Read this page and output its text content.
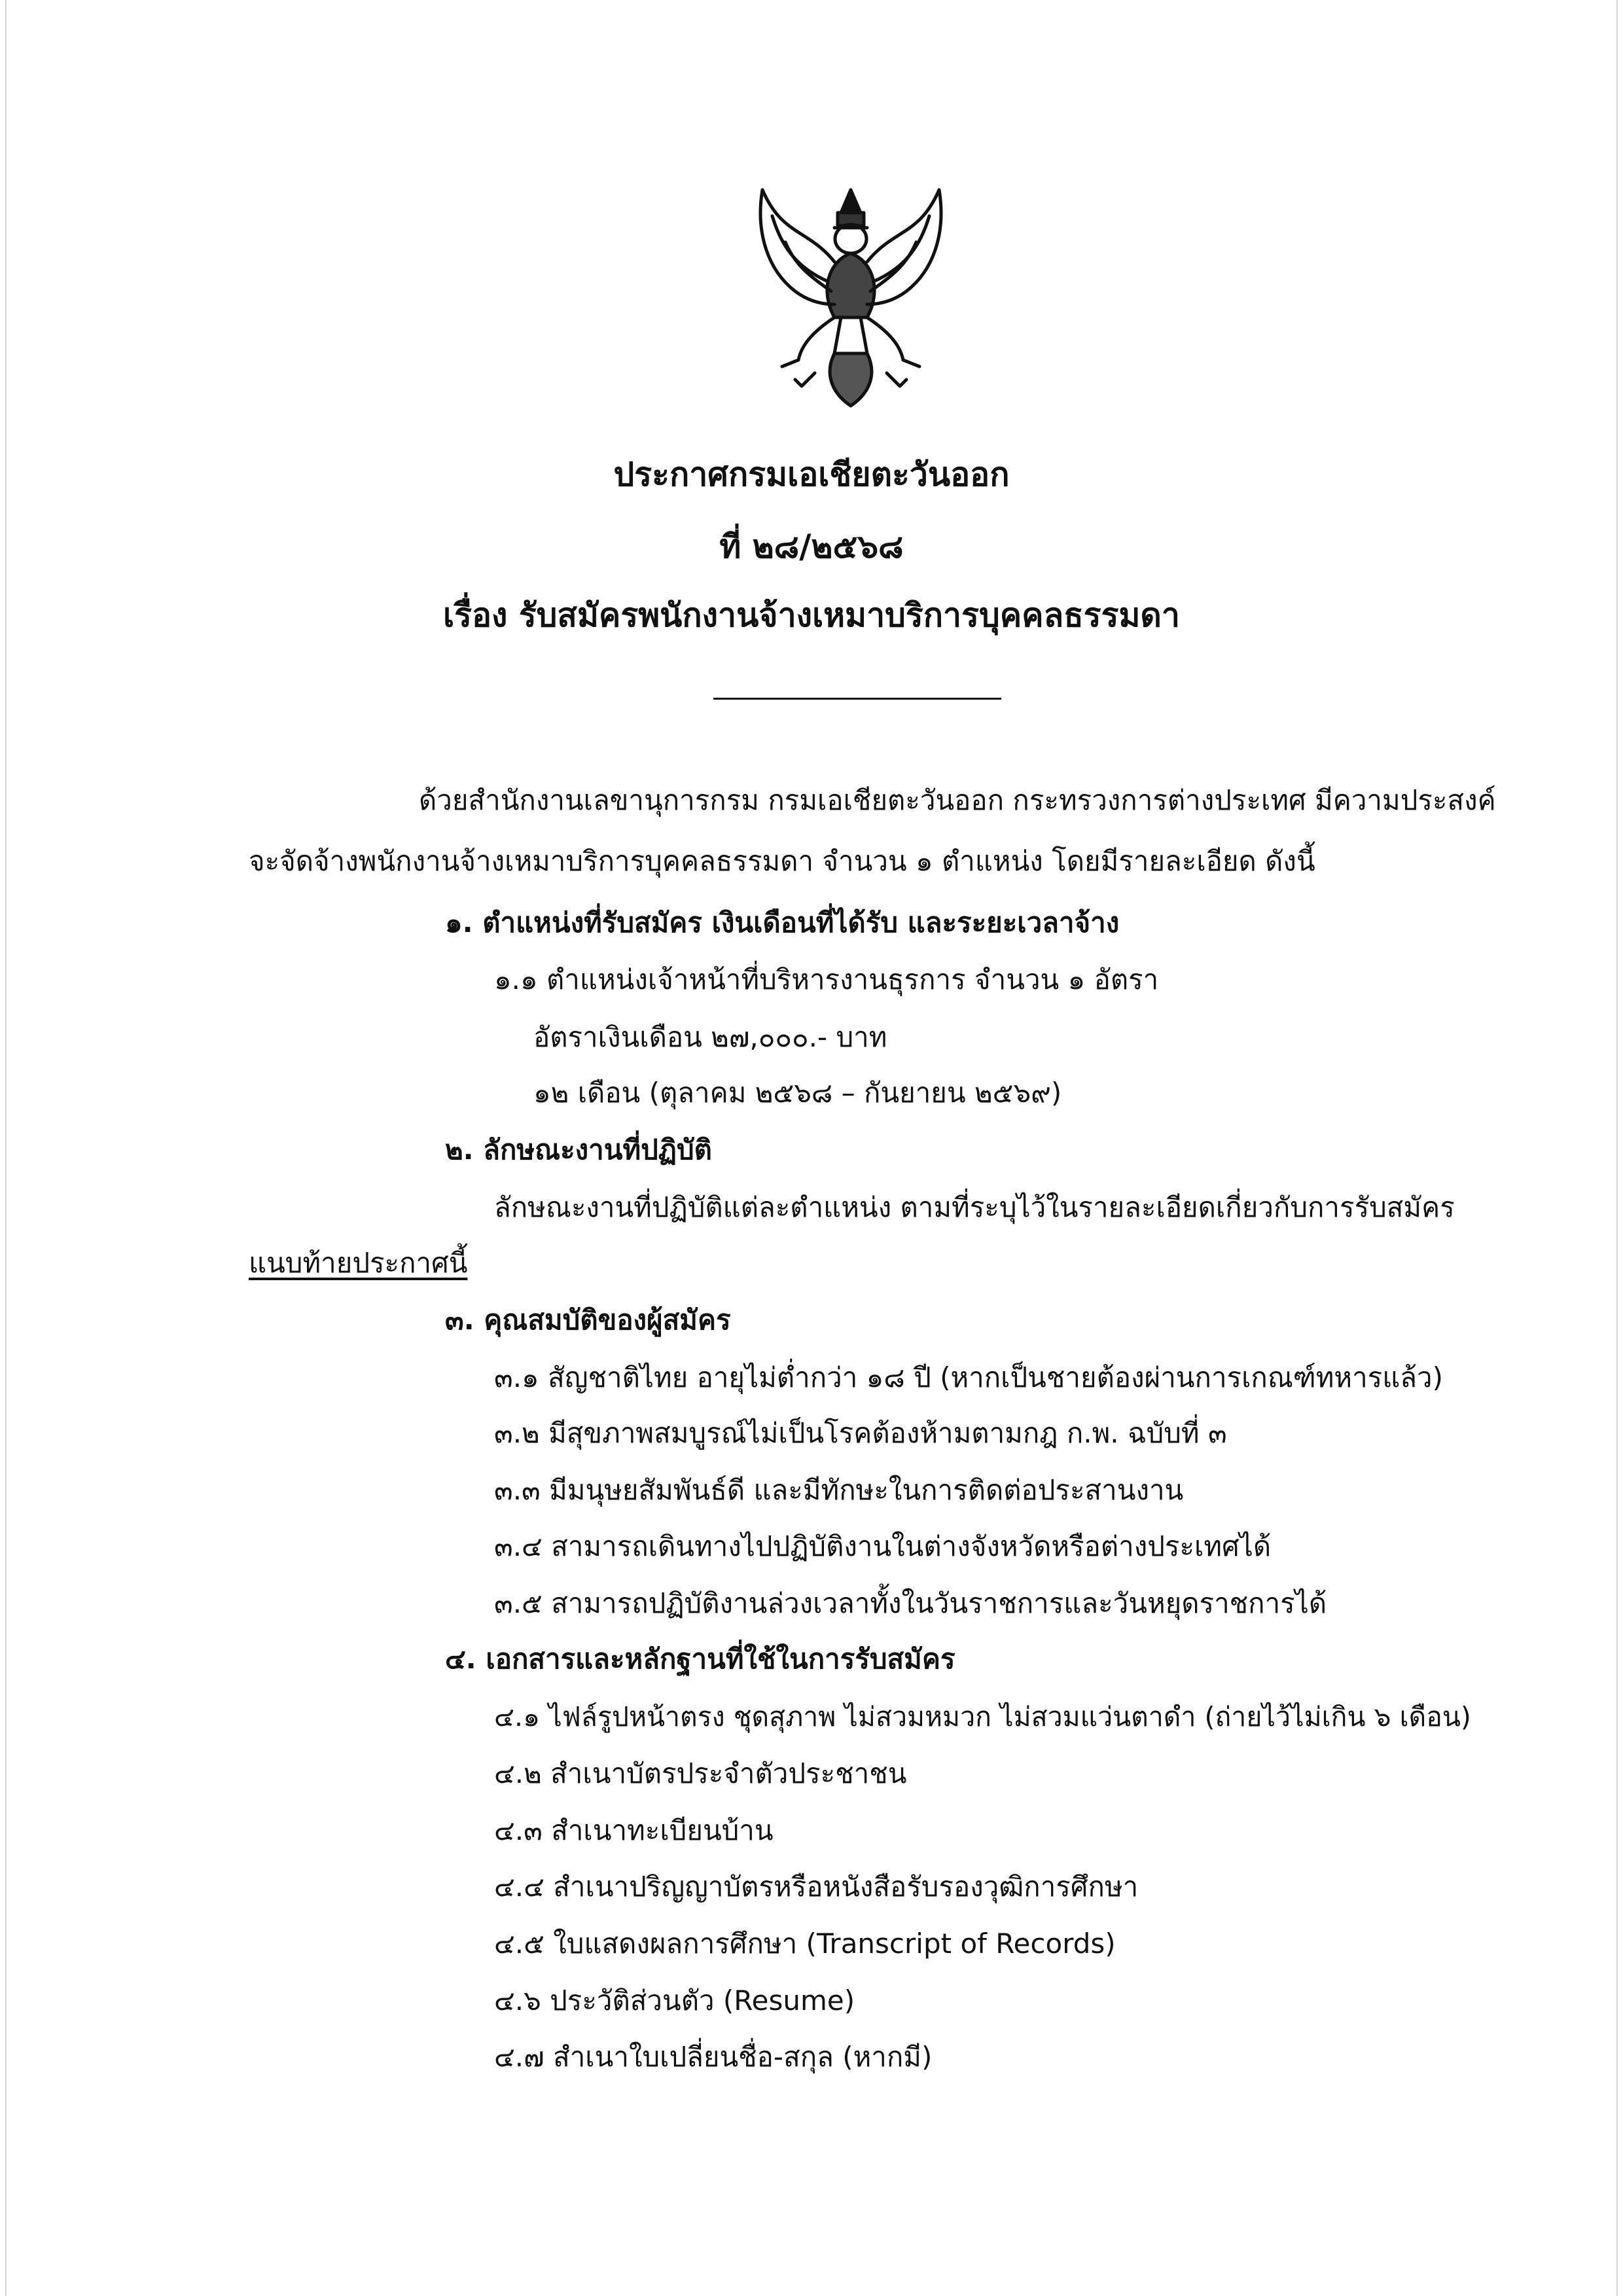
ประกาศกรมเอเชียตะวันออก
ที่ ๒๘/๒๕๖๘
เรื่อง รับสมัครพนักงานจ้างเหมาบริการบุคคลธรรมดา
ด้วยสำนักงานเลขานุการกรม กรมเอเชียตะวันออก กระทรวงการต่างประเทศ มีความประสงค์
จะจัดจ้างพนักงานจ้างเหมาบริการบุคคลธรรมดา จำนวน ๑ ตำแหน่ง โดยมีรายละเอียด ดังนี้
๑. ตำแหน่งที่รับสมัคร เงินเดือนที่ได้รับ และระยะเวลาจ้าง
๑.๑ ตำแหน่งเจ้าหน้าที่บริหารงานธุรการ จำนวน ๑ อัตรา
อัตราเงินเดือน ๒๗,๐๐๐.- บาท
๑๒ เดือน (ตุลาคม ๒๕๖๘ – กันยายน ๒๕๖๙)
๒. ลักษณะงานที่ปฏิบัติ
ลักษณะงานที่ปฏิบัติแต่ละตำแหน่ง ตามที่ระบุไว้ในรายละเอียดเกี่ยวกับการรับสมัคร
แนบท้ายประกาศนี้
๓. คุณสมบัติของผู้สมัคร
๓.๑ สัญชาติไทย อายุไม่ต่ำกว่า ๑๘ ปี (หากเป็นชายต้องผ่านการเกณฑ์ทหารแล้ว)
๓.๒ มีสุขภาพสมบูรณ์ไม่เป็นโรคต้องห้ามตามกฎ ก.พ. ฉบับที่ ๓
๓.๓ มีมนุษยสัมพันธ์ดี และมีทักษะในการติดต่อประสานงาน
๓.๔ สามารถเดินทางไปปฏิบัติงานในต่างจังหวัดหรือต่างประเทศได้
๓.๕ สามารถปฏิบัติงานล่วงเวลาทั้งในวันราชการและวันหยุดราชการได้
๔. เอกสารและหลักฐานที่ใช้ในการรับสมัคร
๔.๑ ไฟล์รูปหน้าตรง ชุดสุภาพ ไม่สวมหมวก ไม่สวมแว่นตาดำ (ถ่ายไว้ไม่เกิน ๖ เดือน)
๔.๒ สำเนาบัตรประจำตัวประชาชน
๔.๓ สำเนาทะเบียนบ้าน
๔.๔ สำเนาปริญญาบัตรหรือหนังสือรับรองวุฒิการศึกษา
๔.๕ ใบแสดงผลการศึกษา (Transcript of Records)
๔.๖ ประวัติส่วนตัว (Resume)
๔.๗ สำเนาใบเปลี่ยนชื่อ-สกุล (หากมี)
